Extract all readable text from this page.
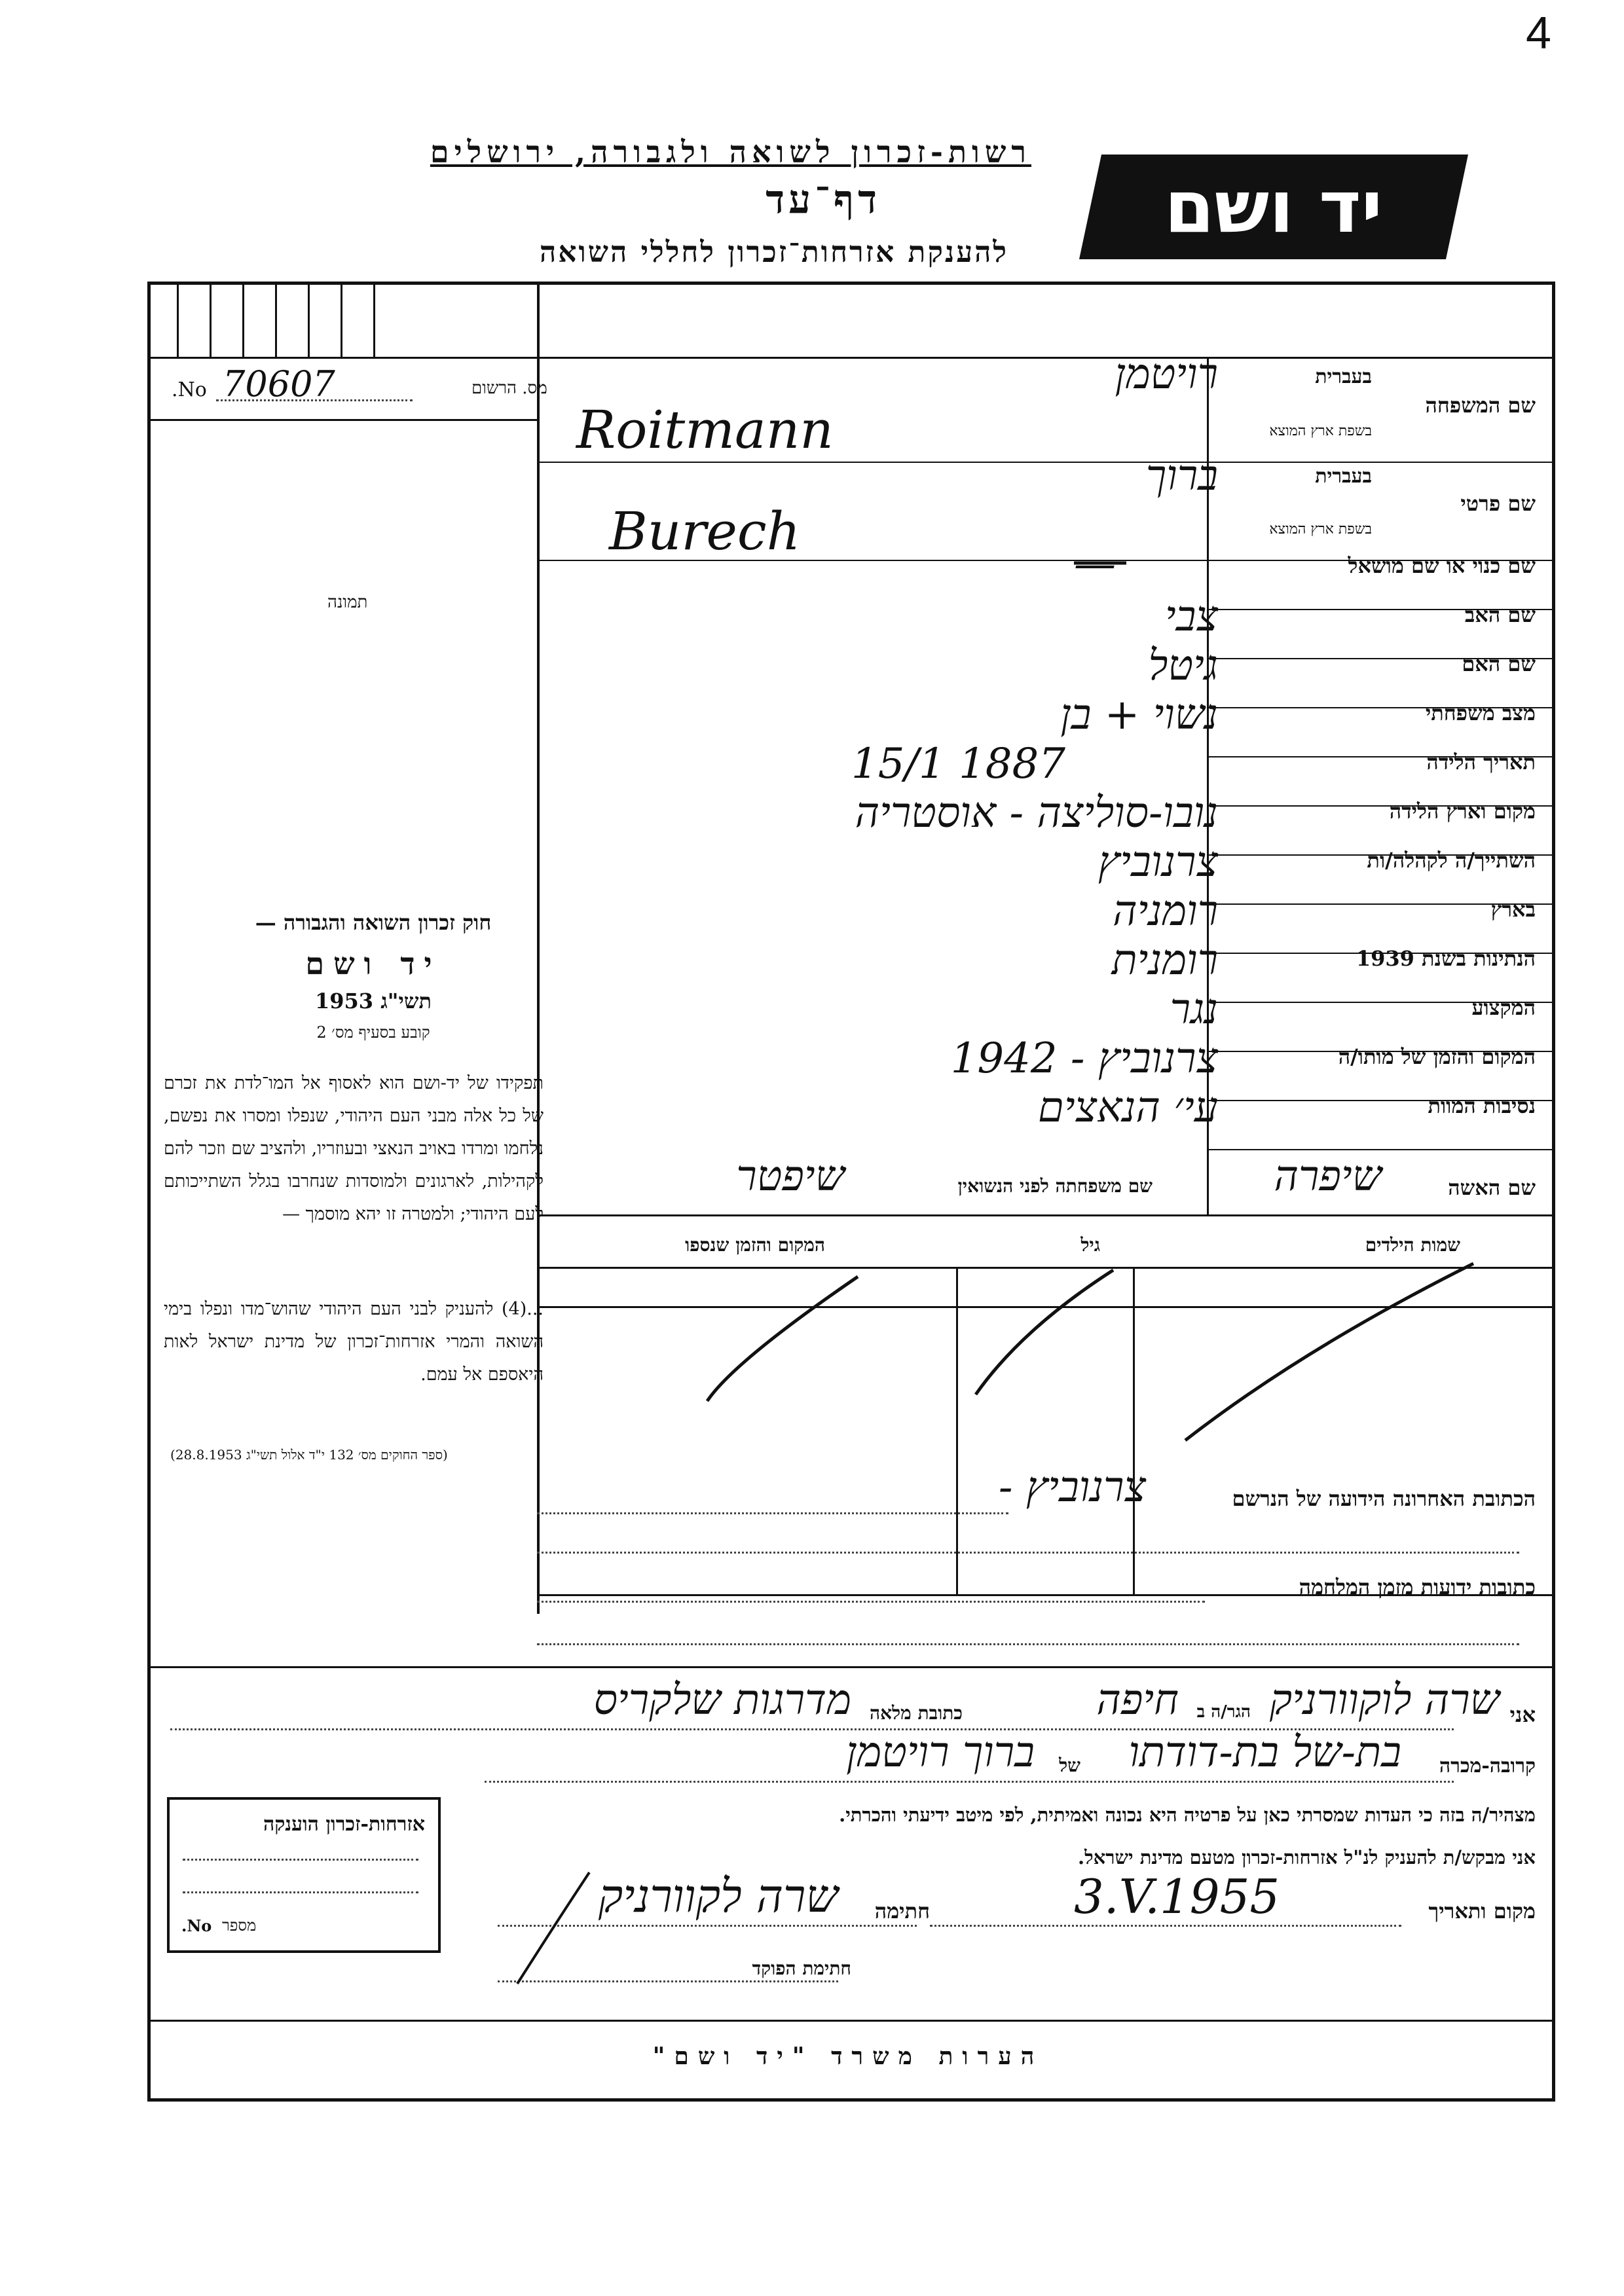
4
רשות-זכרון לשואה ולגבורה, ירושלים
דף־עד
להענקת אזרחות־זכרון לחללי השואה
יד ושם
No. 70607	מס. הרשום
תמונה
חוק זכרון השואה והגבורה —
יד ושם
תשי"ג 1953
קובע בסעיף מס׳ 2
תפקידו של יד-ושם הוא לאסוף אל המו־לדת את זכרם של כל אלה מבני העם היהודי, שנפלו ומסרו את נפשם, נלחמו ומרדו באויב הנאצי ובעוזריו, ולהציב שם וזכר להם לקהילות, לארגונים ולמוסדות שנחרבו בגלל השתייכותם לעם היהודי; ולמטרה זו יהא מוסמך —
...(4) להעניק לבני העם היהודי שהוש־מדו ונפלו בימי השואה והמרי אזרחות־זכרון של מדינת ישראל לאות היאספם אל עמם.
(ספר החוקים מס׳ 132 י"ד אלול תשי"ג 28.8.1953)
בעברית
שם המשפחה
בשפת ארץ המוצא
בעברית
שם פרטי
בשפת ארץ המוצא
שם כנוי או שם מושאל
שם האב
שם האם
מצב משפחתי
תאריך הלידה
מקום וארץ הלידה
השתייך/ה לקהלה/ות
בארץ
הנתינות בשנת 1939
המקצוע
המקום והזמן של מותו/ה
נסיבות המוות
רויטמן
Roitmann
ברוך
Burech
—
צבי
גיטל
נשוי + בן
15/1 1887
נובו-סוליצה - אוסטריה
צרנוביץ
רומניה
רומנית
נגר
צרנוביץ - 1942
עי׳ הנאצים
שם האשה
שיפרה
שם משפחתה לפני הנשואין
שיפטר
שמות הילדים
גיל
המקום והזמן שנספו
הכתובת האחרונה הידועה של הנרשם
צרנוביץ -
כתובות ידועות מזמן המלחמה
אני
שרה לוקוורניק
הגר/ה ב
חיפה
כתובת מלאה
מדרגות שלקריס
קרובה-מכרה
בת-של בת-דודתו
של
ברוך רויטמן
מצהיר/ה בזה כי העדות שמסרתי כאן על פרטיה היא נכונה ואמיתית, לפי מיטב ידיעתי והכרתי.
אני מבקש/ת להעניק לנ"ל אזרחות-זכרון מטעם מדינת ישראל.
מקום ותאריך
3.V.1955
חתימה
שרה לקוורניק
חתימת הפוקד
אזרחות-זכרון הוענקה
No. מספר
הערות משרד "יד ושם"
